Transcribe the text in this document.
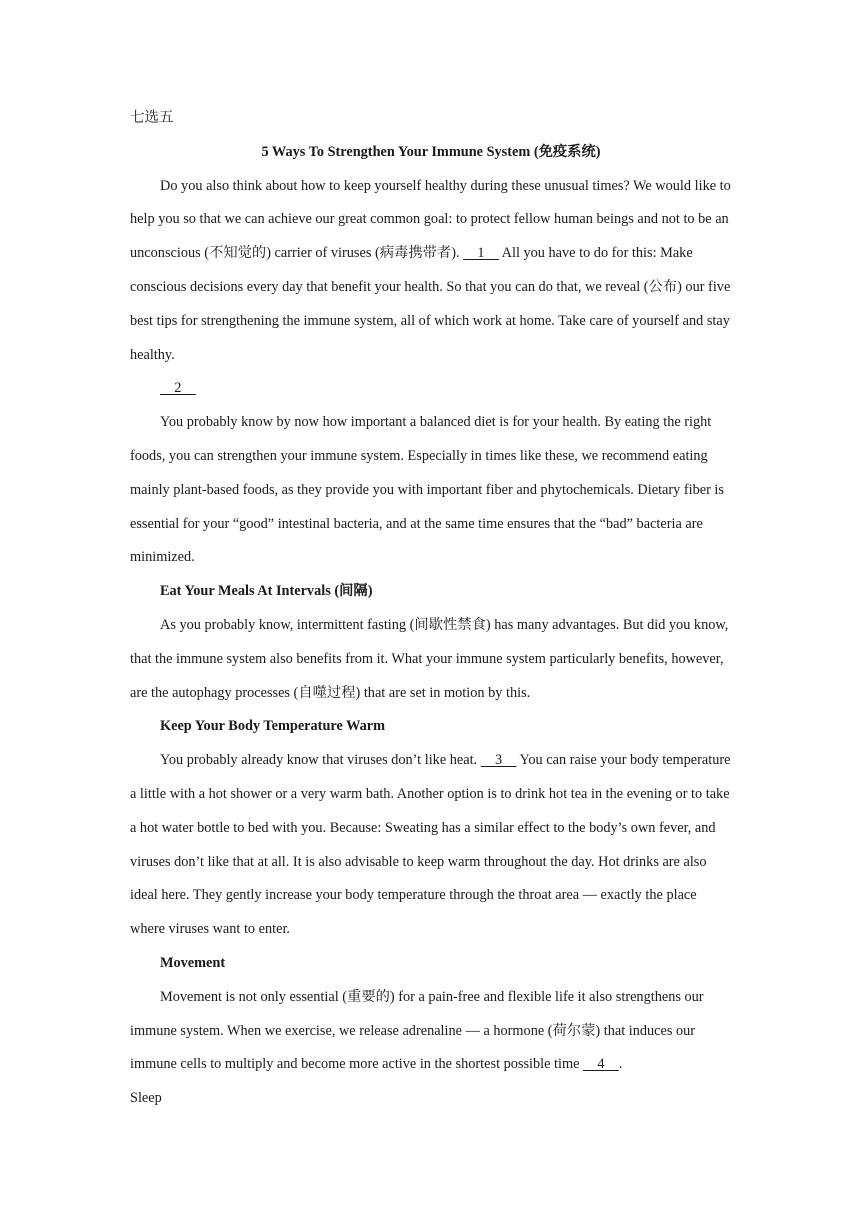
七选五
5 Ways To Strengthen Your Immune System (免疫系统)

Do you also think about how to keep yourself healthy during these unusual times? We would like to help you so that we can achieve our great common goal: to protect fellow human beings and not to be an unconscious (不知觉的) carrier of viruses (病毒携带者).     1     All you have to do for this: Make conscious decisions every day that benefit your health. So that you can do that, we reveal (公布) our five best tips for strengthening the immune system, all of which work at home. Take care of yourself and stay healthy.

2

You probably know by now how important a balanced diet is for your health. By eating the right foods, you can strengthen your immune system. Especially in times like these, we recommend eating mainly plant-based foods, as they provide you with important fiber and phytochemicals. Dietary fiber is essential for your “good” intestinal bacteria, and at the same time ensures that the “bad” bacteria are minimized.

Eat Your Meals At Intervals (间隔)

As you probably know, intermittent fasting (间歇性禁食) has many advantages. But did you know, that the immune system also benefits from it. What your immune system particularly benefits, however, are the autophagy processes (自噬过程) that are set in motion by this.

Keep Your Body Temperature Warm

You probably already know that viruses don’t like heat.     3     You can raise your body temperature a little with a hot shower or a very warm bath. Another option is to drink hot tea in the evening or to take a hot water bottle to bed with you. Because: Sweating has a similar effect to the body’s own fever, and viruses don’t like that at all. It is also advisable to keep warm throughout the day. Hot drinks are also ideal here. They gently increase your body temperature through the throat area — exactly the place where viruses want to enter.

Movement

Movement is not only essential (重要的) for a pain-free and flexible life it also strengthens our immune system. When we exercise, we release adrenaline — a hormone (荷尔蒙) that induces our immune cells to multiply and become more active in the shortest possible time     4    .

Sleep
